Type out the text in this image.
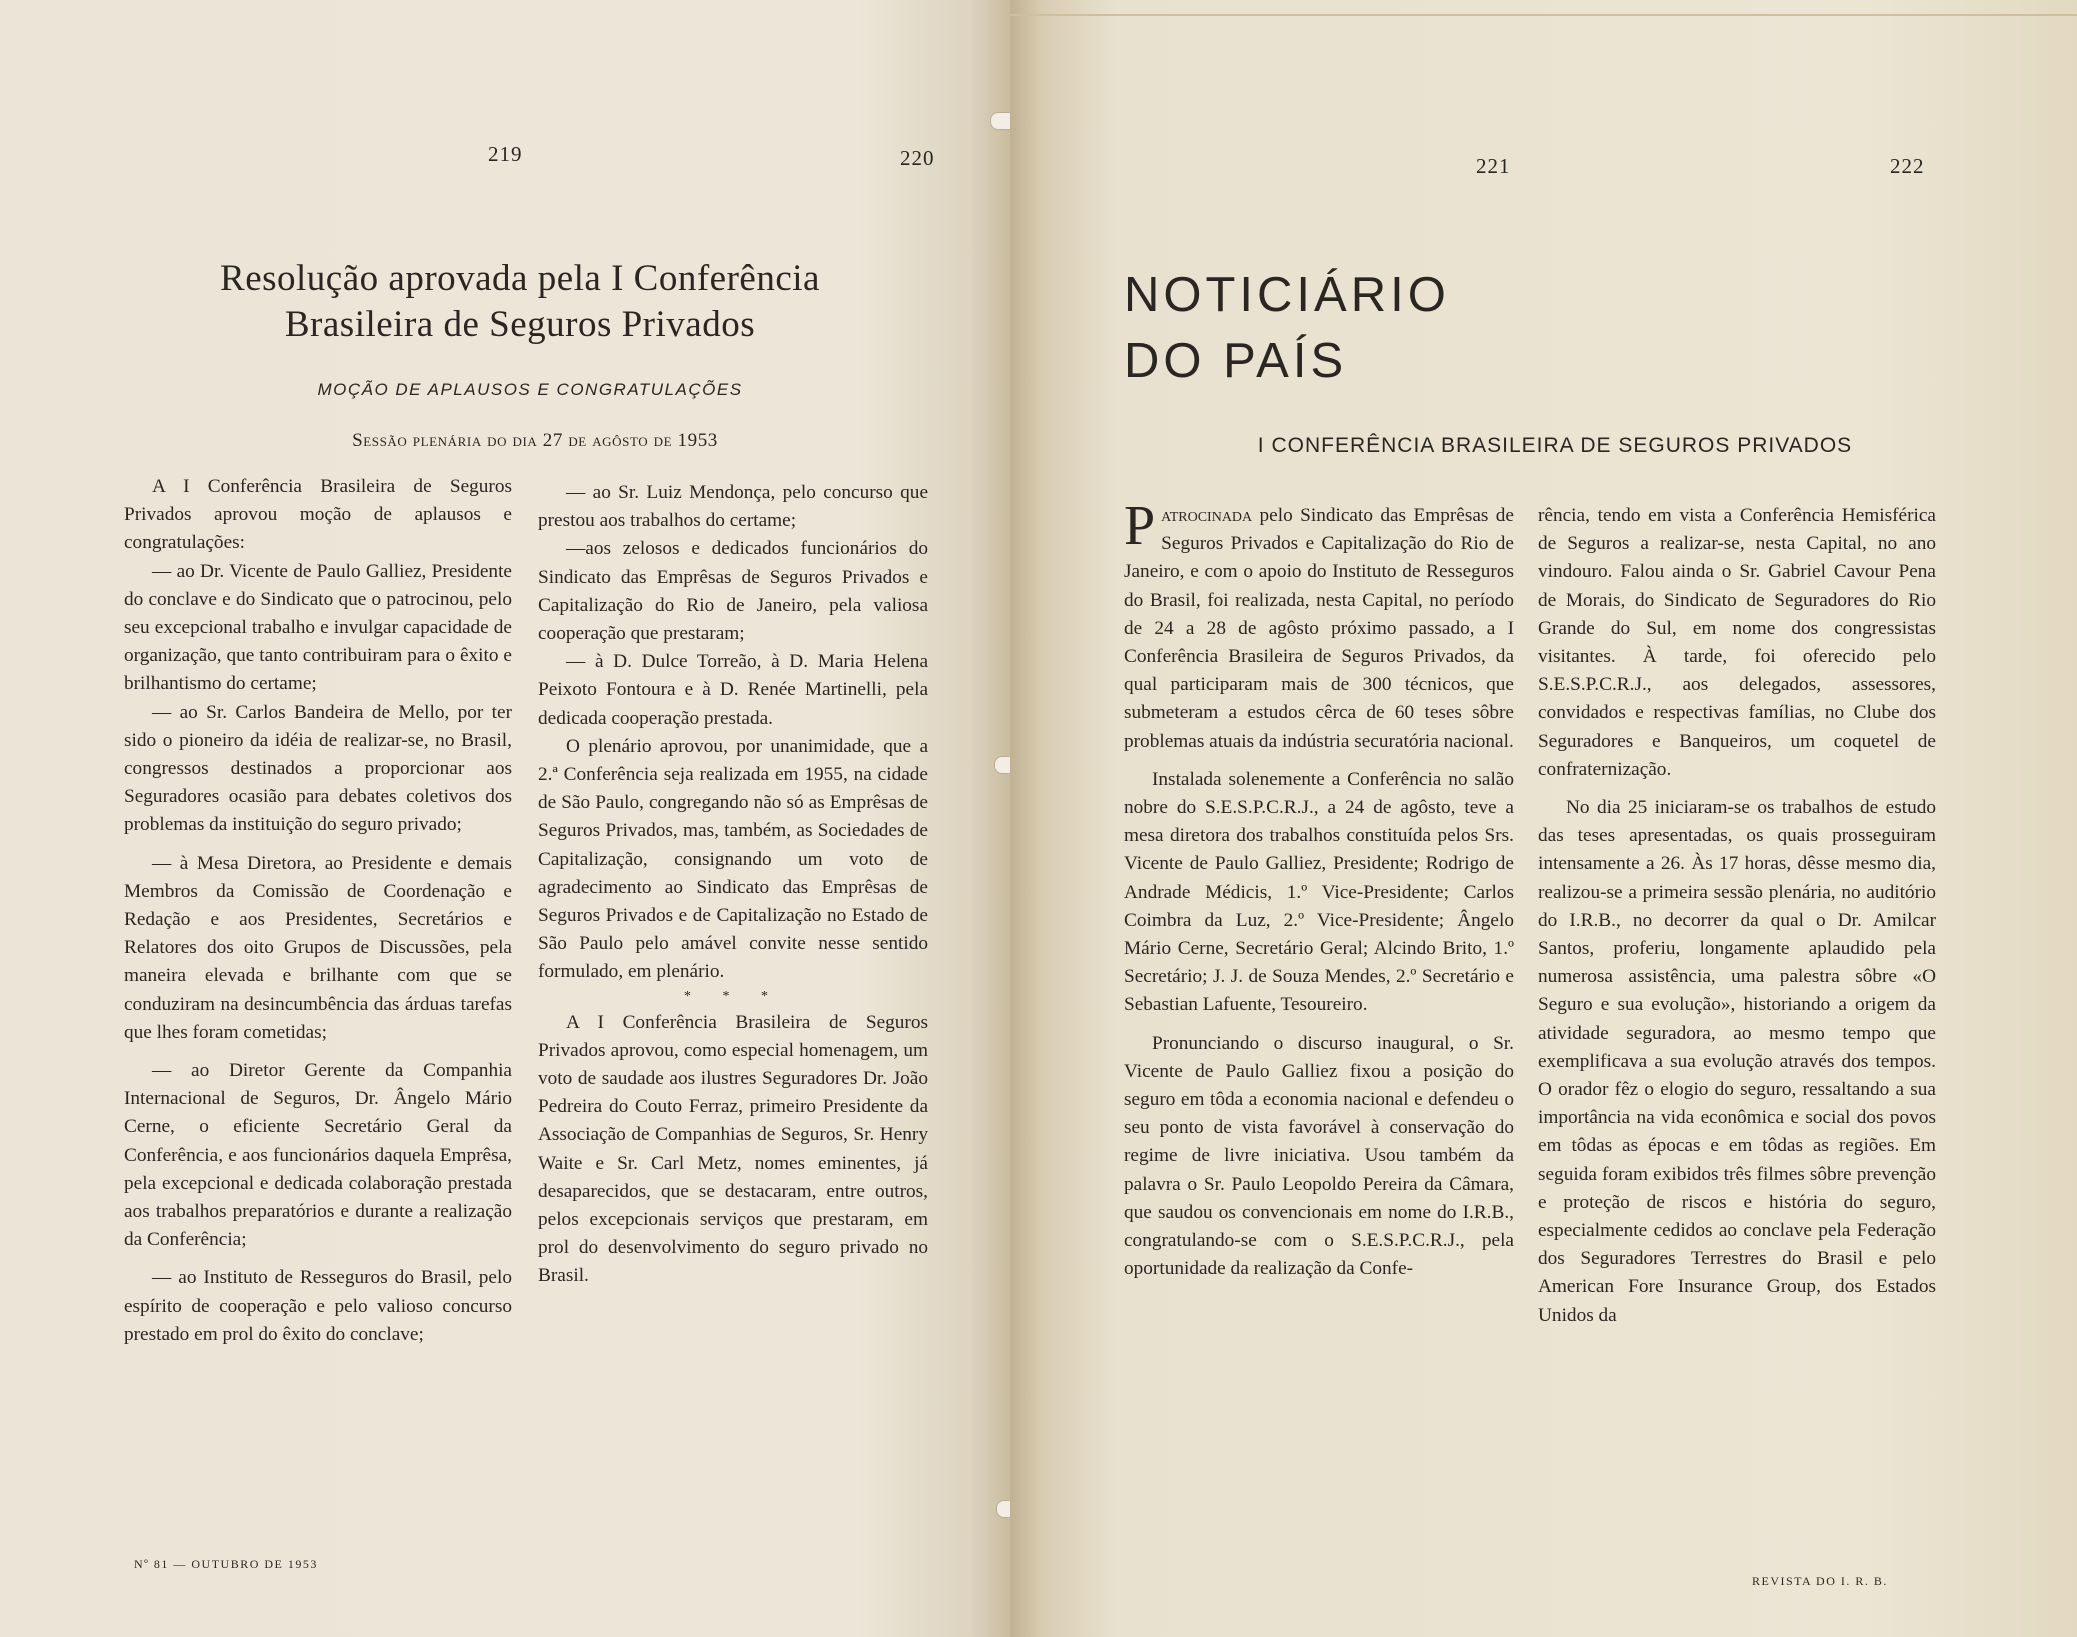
219	220
Resolução aprovada pela I Conferência
Brasileira de Seguros Privados
MOÇÃO DE APLAUSOS E CONGRATULAÇÕES
Sessão plenária do dia 27 de agôsto de 1953

A I Conferência Brasileira de Seguros Privados aprovou moção de aplausos e congratulações:

— ao Dr. Vicente de Paulo Galliez, Presidente do conclave e do Sindicato que o patrocinou, pelo seu excepcional trabalho e invulgar capacidade de organização, que tanto contribuiram para o êxito e brilhantismo do certame;

— ao Sr. Carlos Bandeira de Mello, por ter sido o pioneiro da idéia de realizar-se, no Brasil, congressos destinados a proporcionar aos Seguradores ocasião para debates coletivos dos problemas da instituição do seguro privado;

— à Mesa Diretora, ao Presidente e demais Membros da Comissão de Coordenação e Redação e aos Presidentes, Secretários e Relatores dos oito Grupos de Discussões, pela maneira elevada e brilhante com que se conduziram na desincumbência das árduas tarefas que lhes foram cometidas;

— ao Diretor Gerente da Companhia Internacional de Seguros, Dr. Ângelo Mário Cerne, o eficiente Secretário Geral da Conferência, e aos funcionários daquela Emprêsa, pela excepcional e dedicada colaboração prestada aos trabalhos preparatórios e durante a realização da Conferência;

— ao Instituto de Resseguros do Brasil, pelo espírito de cooperação e pelo valioso concurso prestado em prol do êxito do conclave;

— ao Sr. Luiz Mendonça, pelo concurso que prestou aos trabalhos do certame;

—aos zelosos e dedicados funcionários do Sindicato das Emprêsas de Seguros Privados e Capitalização do Rio de Janeiro, pela valiosa cooperação que prestaram;

— à D. Dulce Torreão, à D. Maria Helena Peixoto Fontoura e à D. Renée Martinelli, pela dedicada cooperação prestada.

O plenário aprovou, por unanimidade, que a 2.ª Conferência seja realizada em 1955, na cidade de São Paulo, congregando não só as Emprêsas de Seguros Privados, mas, também, as Sociedades de Capitalização, consignando um voto de agradecimento ao Sindicato das Emprêsas de Seguros Privados e de Capitalização no Estado de São Paulo pelo amável convite nesse sentido formulado, em plenário.

* * *

A I Conferência Brasileira de Seguros Privados aprovou, como especial homenagem, um voto de saudade aos ilustres Seguradores Dr. João Pedreira do Couto Ferraz, primeiro Presidente da Associação de Companhias de Seguros, Sr. Henry Waite e Sr. Carl Metz, nomes eminentes, já desaparecidos, que se destacaram, entre outros, pelos excepcionais serviços que prestaram, em prol do desenvolvimento do seguro privado no Brasil.

Nº 81 — OUTUBRO DE 1953
221	222
NOTICIÁRIO
DO PAÍS
I CONFERÊNCIA BRASILEIRA DE SEGUROS PRIVADOS

Patrocinada pelo Sindicato das Emprêsas de Seguros Privados e Capitalização do Rio de Janeiro, e com o apoio do Instituto de Resseguros do Brasil, foi realizada, nesta Capital, no período de 24 a 28 de agôsto próximo passado, a I Conferência Brasileira de Seguros Privados, da qual participaram mais de 300 técnicos, que submeteram a estudos cêrca de 60 teses sôbre problemas atuais da indústria securatória nacional.

Instalada solenemente a Conferência no salão nobre do S.E.S.P.C.R.J., a 24 de agôsto, teve a mesa diretora dos trabalhos constituída pelos Srs. Vicente de Paulo Galliez, Presidente; Rodrigo de Andrade Médicis, 1.º Vice-Presidente; Carlos Coimbra da Luz, 2.º Vice-Presidente; Ângelo Mário Cerne, Secretário Geral; Alcindo Brito, 1.º Secretário; J. J. de Souza Mendes, 2.º Secretário e Sebastian Lafuente, Tesoureiro.

Pronunciando o discurso inaugural, o Sr. Vicente de Paulo Galliez fixou a posição do seguro em tôda a economia nacional e defendeu o seu ponto de vista favorável à conservação do regime de livre iniciativa. Usou também da palavra o Sr. Paulo Leopoldo Pereira da Câmara, que saudou os convencionais em nome do I.R.B., congratulando-se com o S.E.S.P.C.R.J., pela oportunidade da realização da Confe-

rência, tendo em vista a Conferência Hemisférica de Seguros a realizar-se, nesta Capital, no ano vindouro. Falou ainda o Sr. Gabriel Cavour Pena de Morais, do Sindicato de Seguradores do Rio Grande do Sul, em nome dos congressistas visitantes. À tarde, foi oferecido pelo S.E.S.P.C.R.J., aos delegados, assessores, convidados e respectivas famílias, no Clube dos Seguradores e Banqueiros, um coquetel de confraternização.

No dia 25 iniciaram-se os trabalhos de estudo das teses apresentadas, os quais prosseguiram intensamente a 26. Às 17 horas, dêsse mesmo dia, realizou-se a primeira sessão plenária, no auditório do I.R.B., no decorrer da qual o Dr. Amilcar Santos, proferiu, longamente aplaudido pela numerosa assistência, uma palestra sôbre «O Seguro e sua evolução», historiando a origem da atividade seguradora, ao mesmo tempo que exemplificava a sua evolução através dos tempos. O orador fêz o elogio do seguro, ressaltando a sua importância na vida econômica e social dos povos em tôdas as épocas e em tôdas as regiões. Em seguida foram exibidos três filmes sôbre prevenção e proteção de riscos e história do seguro, especialmente cedidos ao conclave pela Federação dos Seguradores Terrestres do Brasil e pelo American Fore Insurance Group, dos Estados Unidos da

REVISTA DO I. R. B.
